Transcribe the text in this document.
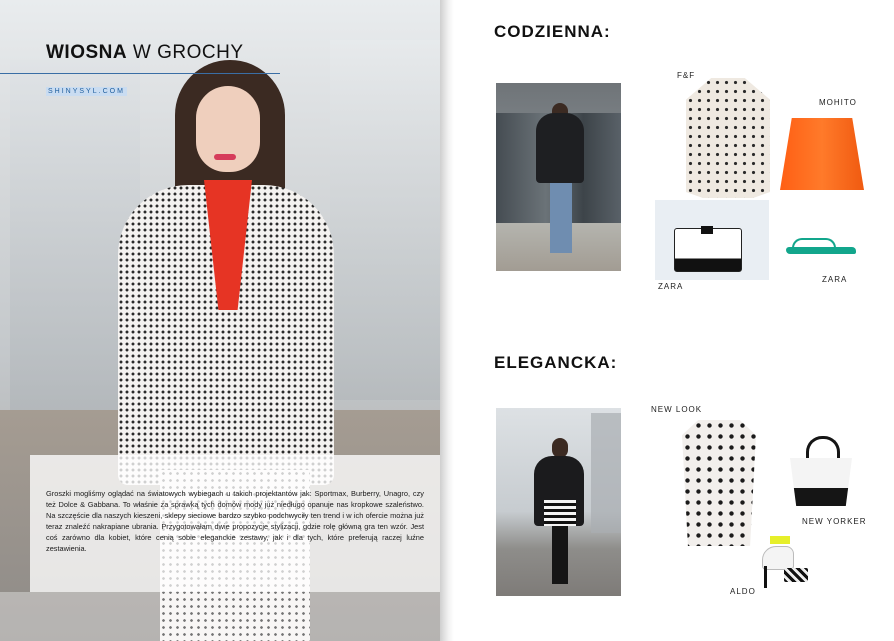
WIOSNA W GROCHY
SHINYSYL.COM
Groszki mogliśmy oglądać na światowych wybiegach u takich projektantów jak: Sportmax, Burberry, Unagro, czy też Dolce & Gabbana. To właśnie za sprawką tych domów mody już niedługo opanuje nas kropkowe szaleństwo. Na szczęście dla naszych kieszeni, sklepy sieciowe bardzo szybko podchwyciły ten trend i w ich ofercie można już teraz znaleźć nakrapiane ubrania. Przygotowałam dwie propozycje stylizacji, gdzie rolę główną gra ten wzór. Jest coś zarówno dla kobiet, które cenią sobie eleganckie zestawy, jak i dla tych, które preferują raczej luźne zestawienia.
CODZIENNA:
F&F
MOHITO
ZARA
ZARA
ELEGANCKA:
NEW LOOK
NEW YORKER
ALDO
